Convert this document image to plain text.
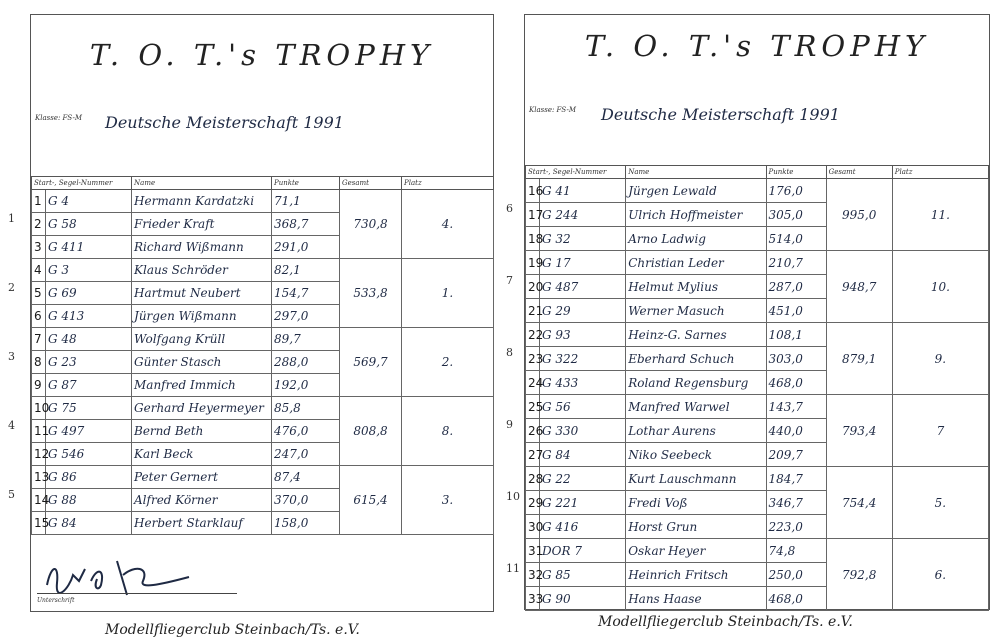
T. O. T.'s TROPHY
Klasse: FS-M Deutsche Meisterschaft 1991
Start-, Segel-Nummer		Name	Punkte	Gesamt	Platz
1	G 4	Hermann Kardatzki	71,1	730,8	4.
2	G 58	Frieder Kraft	368,7		
3	G 411	Richard Wißmann	291,0		
4	G 3	Klaus Schröder	82,1	533,8	1.
5	G 69	Hartmut Neubert	154,7		
6	G 413	Jürgen Wißmann	297,0		
7	G 48	Wolfgang Krüll	89,7	569,7	2.
8	G 23	Günter Stasch	288,0		
9	G 87	Manfred Immich	192,0		
10	G 75	Gerhard Heyermeyer	85,8	808,8	8.
11	G 497	Bernd Beth	476,0		
12	G 546	Karl Beck	247,0		
13	G 86	Peter Gernert	87,4	615,4	3.
14	G 88	Alfred Körner	370,0		
15	G 84	Herbert Starklauf	158,0		
Unterschrift
T. O. T.'s TROPHY
Klasse: FS-M Deutsche Meisterschaft 1991
Start-, Segel-Nummer		Name	Punkte	Gesamt	Platz
16	G 41	Jürgen Lewald	176,0	995,0	11.
17	G 244	Ulrich Hoffmeister	305,0		
18	G 32	Arno Ladwig	514,0		
19	G 17	Christian Leder	210,7	948,7	10.
20	G 487	Helmut Mylius	287,0		
21	G 29	Werner Masuch	451,0		
22	G 93	Heinz-G. Sarnes	108,1	879,1	9.
23	G 322	Eberhard Schuch	303,0		
24	G 433	Roland Regensburg	468,0		
25	G 56	Manfred Warwel	143,7	793,4	7
26	G 330	Lothar Aurens	440,0		
27	G 84	Niko Seebeck	209,7		
28	G 22	Kurt Lauschmann	184,7	754,4	5.
29	G 221	Fredi Voß	346,7		
30	G 416	Horst Grun	223,0		
31	DOR 7	Oskar Heyer	74,8	792,8	6.
32	G 85	Heinrich Fritsch	250,0		
33	G 90	Hans Haase	468,0		
1
2
3
4
5
6
7
8
9
10
11
Modellfliegerclub Steinbach/Ts. e.V.	Modellfliegerclub Steinbach/Ts. e.V.
